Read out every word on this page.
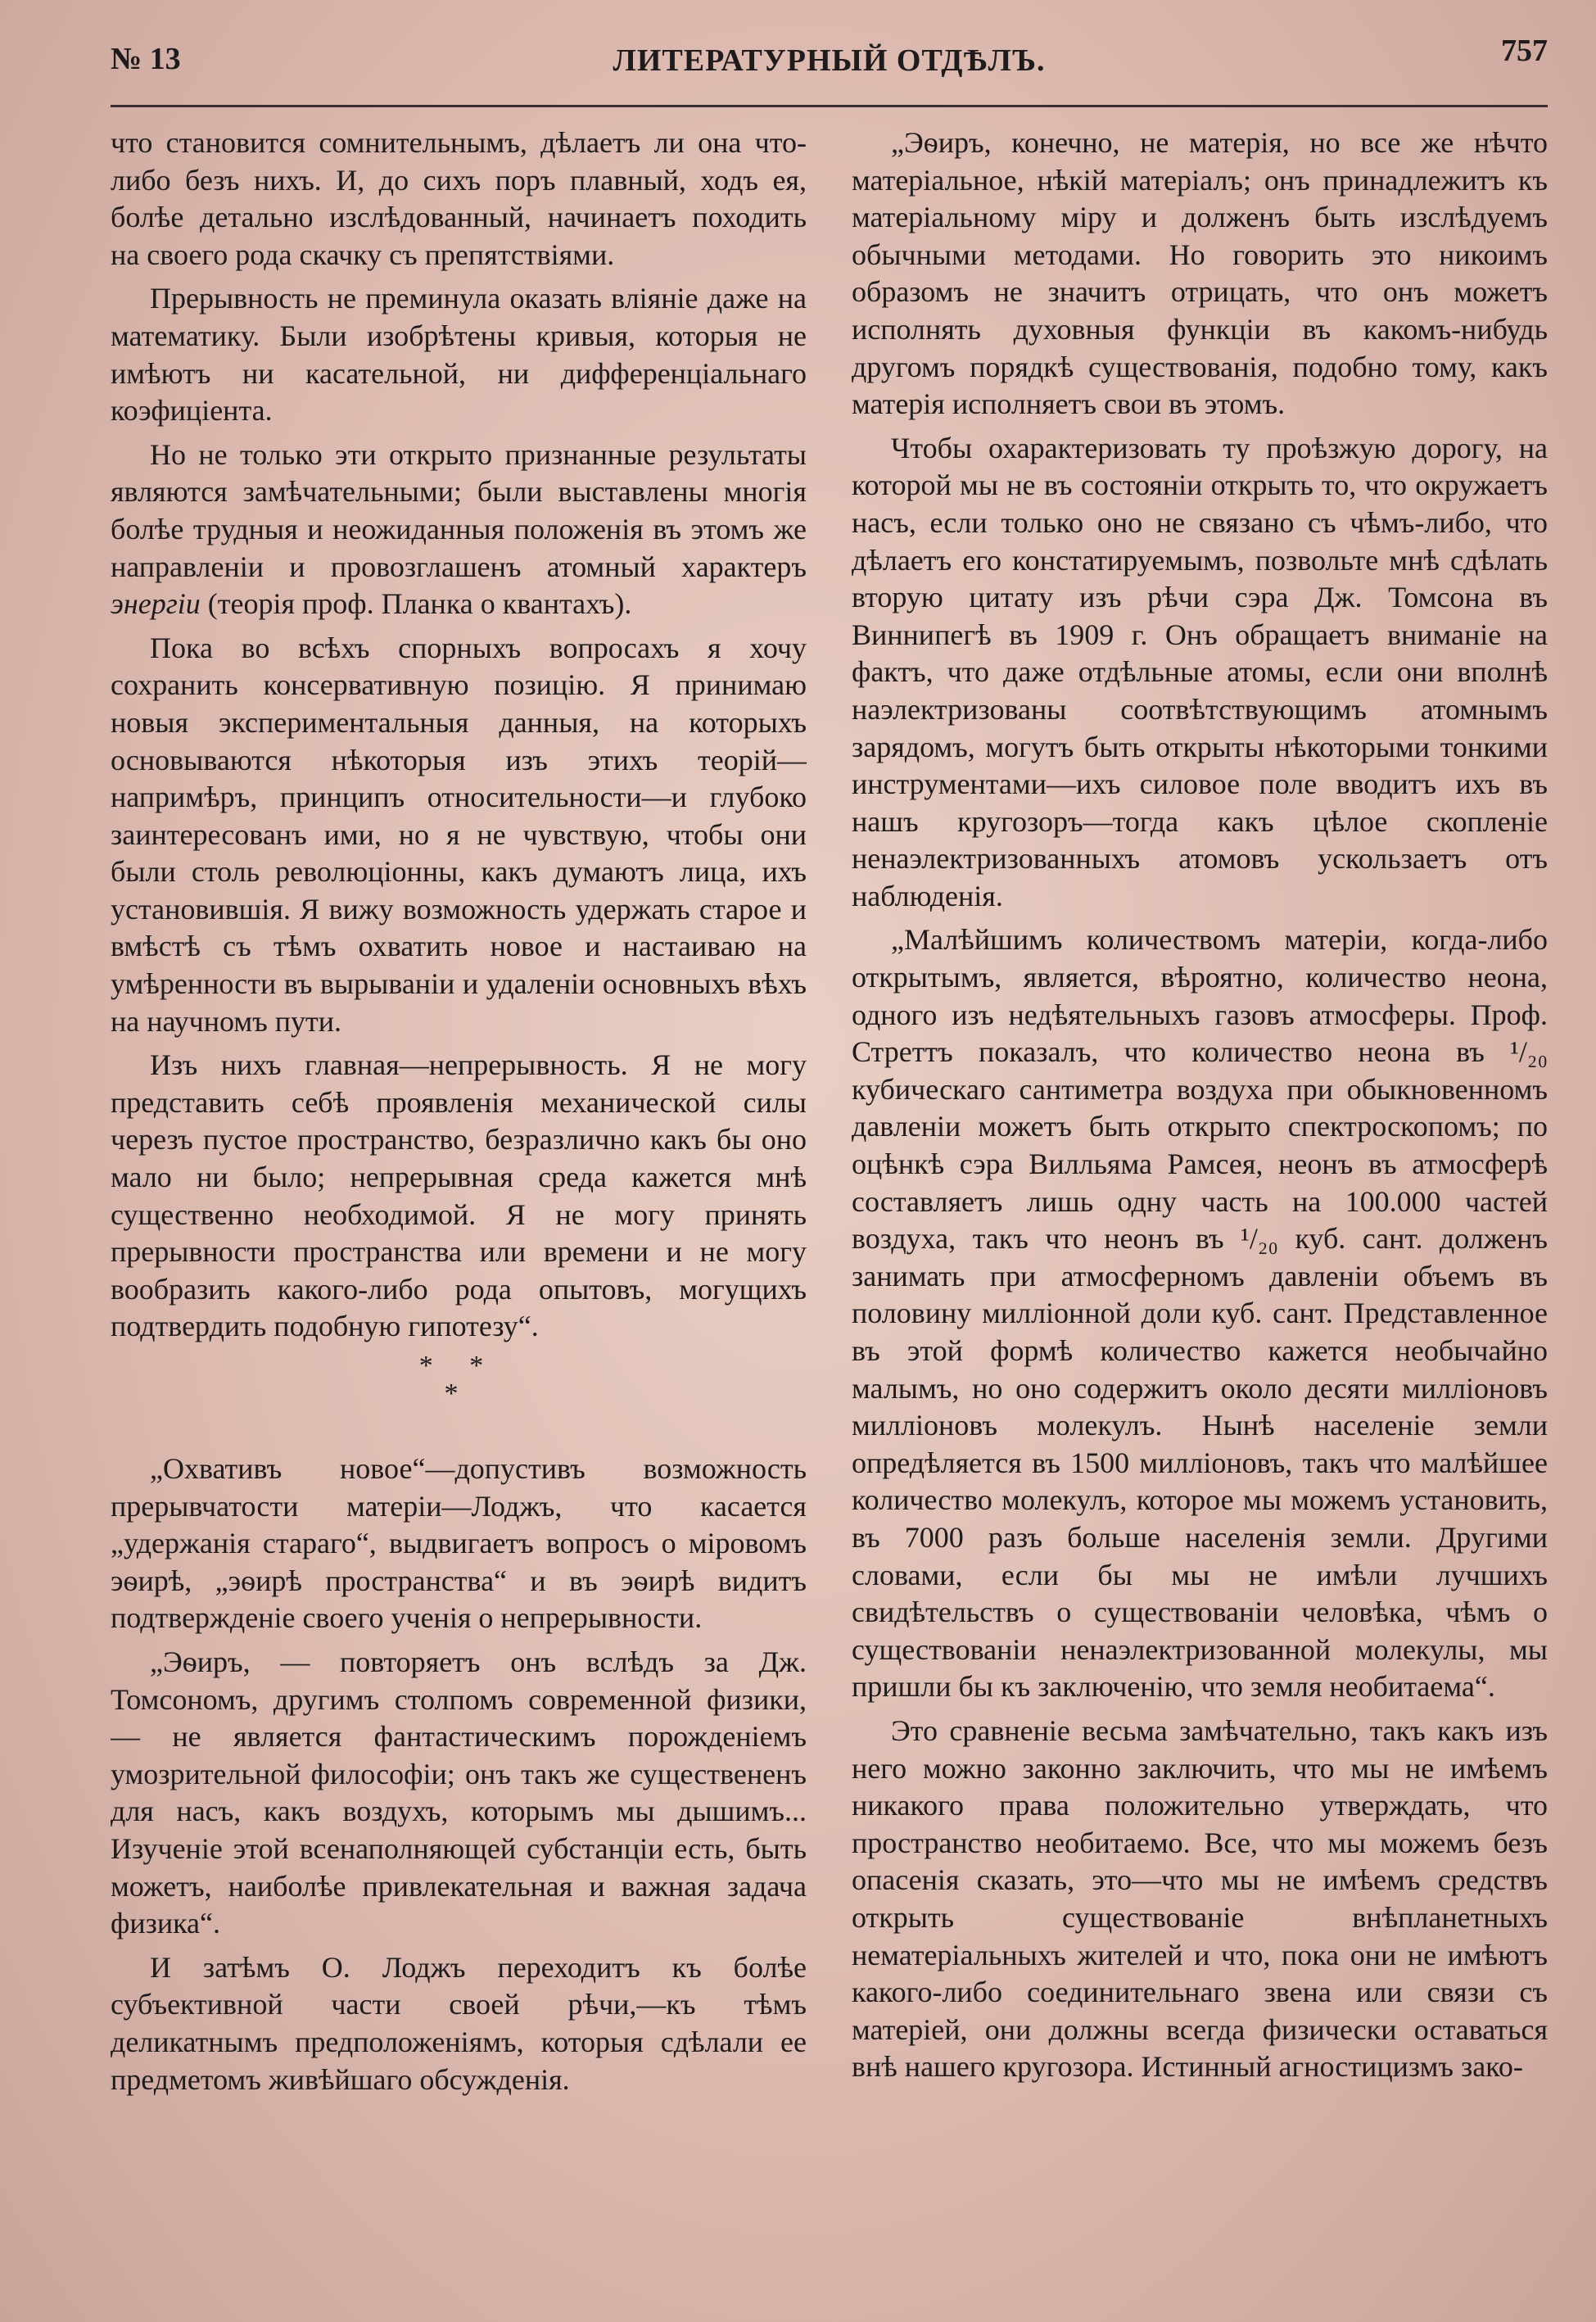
№ 13	ЛИТЕРАТУРНЫЙ ОТДѢЛЪ.	757

что становится сомнительнымъ, дѣлаетъ ли она что-либо безъ нихъ. И, до сихъ поръ плавный, ходъ ея, болѣе детально изслѣдованный, начинаетъ походить на своего рода скачку съ препятствіями.

Прерывность не преминула оказать вліяніе даже на математику. Были изобрѣтены кривыя, которыя не имѣютъ ни касательной, ни дифференціальнаго коэфиціента.

Но не только эти открыто признанные результаты являются замѣчательными; были выставлены многія болѣе трудныя и неожиданныя положенія въ этомъ же направленіи и провозглашенъ атомный характеръ энергіи (теорія проф. Планка о квантахъ).

Пока во всѣхъ спорныхъ вопросахъ я хочу сохранить консервативную позицію. Я принимаю новыя экспериментальныя данныя, на которыхъ основываются нѣкоторыя изъ этихъ теорій—напримѣръ, принципъ относительности—и глубоко заинтересованъ ими, но я не чувствую, чтобы они были столь революціонны, какъ думаютъ лица, ихъ установившія. Я вижу возможность удержать старое и вмѣстѣ съ тѣмъ охватить новое и настаиваю на умѣренности въ вырываніи и удаленіи основныхъ вѣхъ на научномъ пути.

Изъ нихъ главная—непрерывность. Я не могу представить себѣ проявленія механической силы черезъ пустое пространство, безразлично какъ бы оно мало ни было; непрерывная среда кажется мнѣ существенно необходимой. Я не могу принять прерывности пространства или времени и не могу вообразить какого-либо рода опытовъ, могущихъ подтвердить подобную гипотезу“.

* *
*

„Охвативъ новое“—допустивъ возможность прерывчатости матеріи—Лоджъ, что касается „удержанія стараго“, выдвигаетъ вопросъ о міровомъ эѳирѣ, „эѳирѣ пространства“ и въ эѳирѣ видитъ подтвержденіе своего ученія о непрерывности.

„Эѳиръ, — повторяетъ онъ вслѣдъ за Дж. Томсономъ, другимъ столпомъ современной физики, — не является фантастическимъ порожденіемъ умозрительной философіи; онъ такъ же существененъ для насъ, какъ воздухъ, которымъ мы дышимъ... Изученіе этой всенаполняющей субстанціи есть, быть можетъ, наиболѣе привлекательная и важная задача физика“.

И затѣмъ О. Лоджъ переходитъ къ болѣе субъективной части своей рѣчи,—къ тѣмъ деликатнымъ предположеніямъ, которыя сдѣлали ее предметомъ живѣйшаго обсужденія.

„Эѳиръ, конечно, не матерія, но все же нѣчто матеріальное, нѣкій матеріалъ; онъ принадлежитъ къ матеріальному міру и долженъ быть изслѣдуемъ обычными методами. Но говорить это никоимъ образомъ не значитъ отрицать, что онъ можетъ исполнять духовныя функціи въ какомъ-нибудь другомъ порядкѣ существованія, подобно тому, какъ матерія исполняетъ свои въ этомъ.

Чтобы охарактеризовать ту проѣзжую дорогу, на которой мы не въ состояніи открыть то, что окружаетъ насъ, если только оно не связано съ чѣмъ-либо, что дѣлаетъ его констатируемымъ, позвольте мнѣ сдѣлать вторую цитату изъ рѣчи сэра Дж. Томсона въ Виннипегѣ въ 1909 г. Онъ обращаетъ вниманіе на фактъ, что даже отдѣльные атомы, если они вполнѣ наэлектризованы соотвѣтствующимъ атомнымъ зарядомъ, могутъ быть открыты нѣкоторыми тонкими инструментами—ихъ силовое поле вводитъ ихъ въ нашъ кругозоръ—тогда какъ цѣлое скопленіе ненаэлектризованныхъ атомовъ ускользаетъ отъ наблюденія.

„Малѣйшимъ количествомъ матеріи, когда-либо открытымъ, является, вѣроятно, количество неона, одного изъ недѣятельныхъ газовъ атмосферы. Проф. Стреттъ показалъ, что количество неона въ ¹/₂₀ кубическаго сантиметра воздуха при обыкновенномъ давленіи можетъ быть открыто спектроскопомъ; по оцѣнкѣ сэра Вилльяма Рамсея, неонъ въ атмосферѣ составляетъ лишь одну часть на 100.000 частей воздуха, такъ что неонъ въ ¹/₂₀ куб. сант. долженъ занимать при атмосферномъ давленіи объемъ въ половину милліонной доли куб. сант. Представленное въ этой формѣ количество кажется необычайно малымъ, но оно содержитъ около десяти милліоновъ милліоновъ молекулъ. Нынѣ населеніе земли опредѣляется въ 1500 милліоновъ, такъ что малѣйшее количество молекулъ, которое мы можемъ установить, въ 7000 разъ больше населенія земли. Другими словами, если бы мы не имѣли лучшихъ свидѣтельствъ о существованіи человѣка, чѣмъ о существованіи ненаэлектризованной молекулы, мы пришли бы къ заключенію, что земля необитаема“.

Это сравненіе весьма замѣчательно, такъ какъ изъ него можно законно заключить, что мы не имѣемъ никакого права положительно утверждать, что пространство необитаемо. Все, что мы можемъ безъ опасенія сказать, это—что мы не имѣемъ средствъ открыть существованіе внѣпланетныхъ нематеріальныхъ жителей и что, пока они не имѣютъ какого-либо соединительнаго звена или связи съ матеріей, они должны всегда физически оставаться внѣ нашего кругозора. Истинный агностицизмъ зако-
